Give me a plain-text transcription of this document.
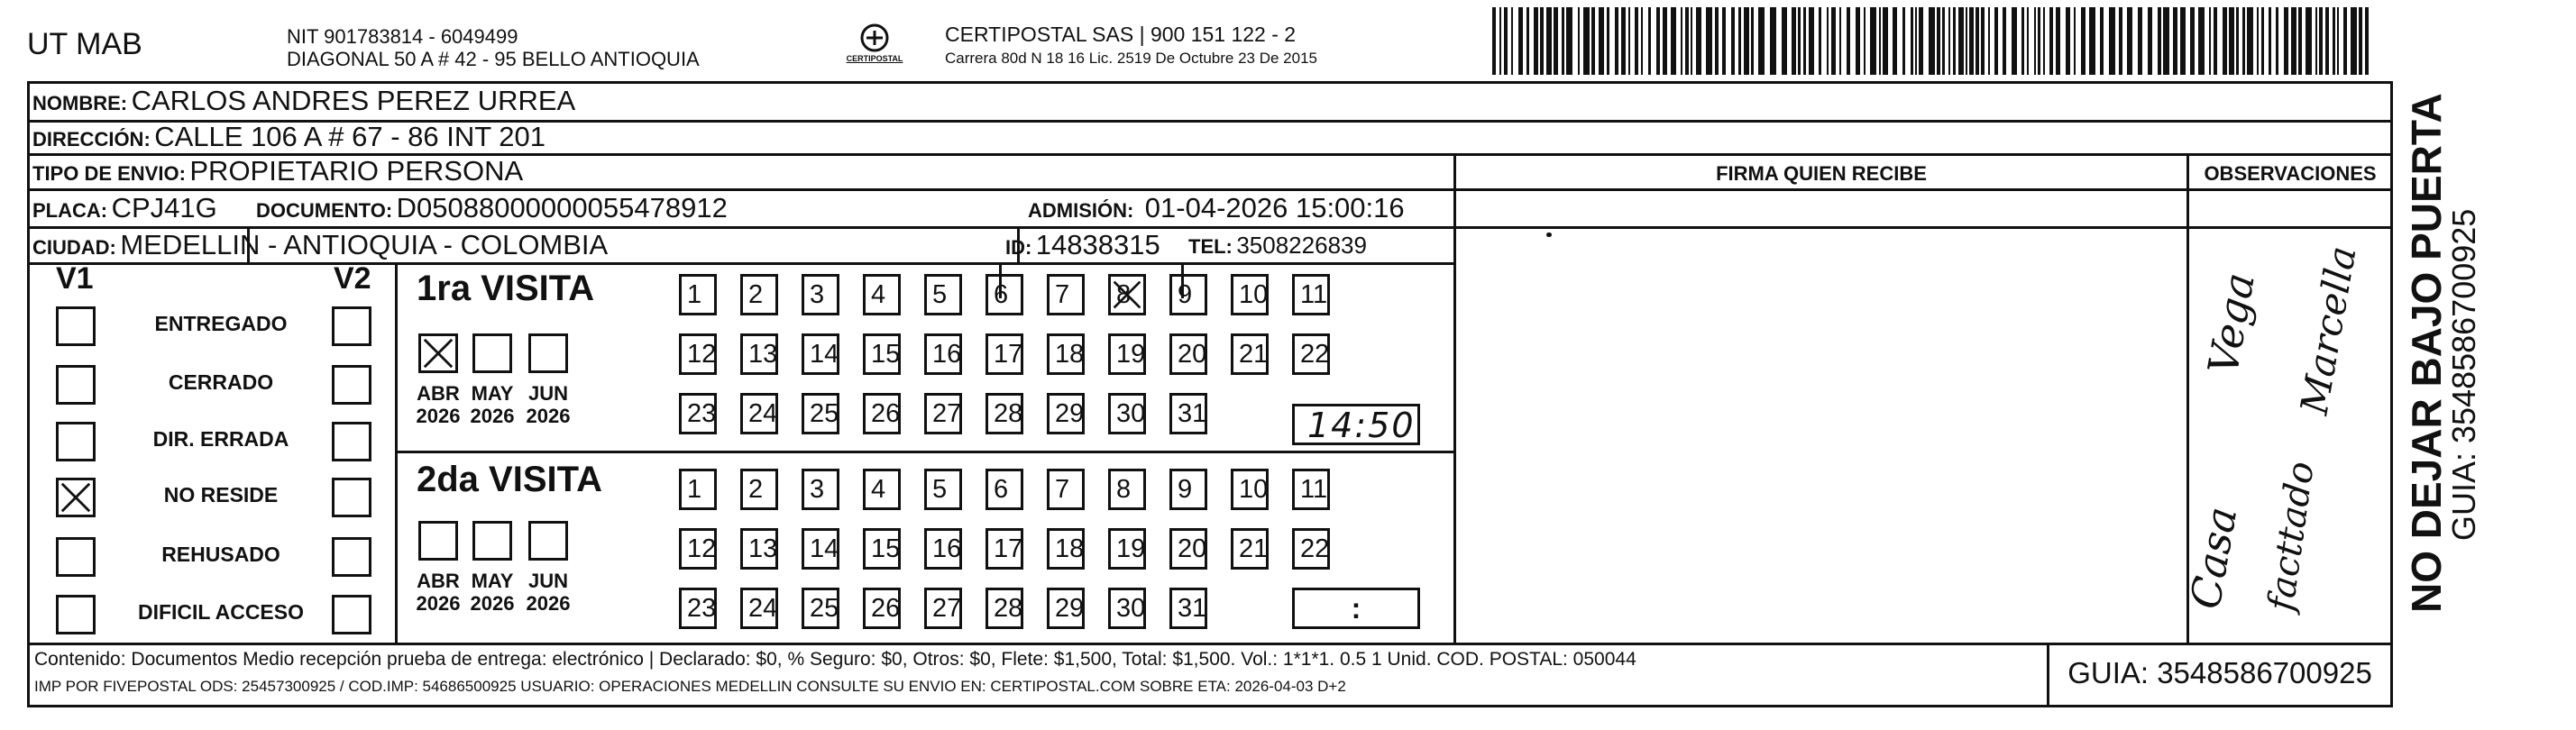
UT MAB	NIT 901783814 - 6049499
DIAGONAL 50 A # 42 - 95 BELLO ANTIOQUIA	CERTIPOSTAL
CERTIPOSTAL SAS | 900 151 122 - 2
Carrera 80d N 18 16 Lic. 2519 De Octubre 23 De 2015
NOMBRE: CARLOS ANDRES PEREZ URREA
DIRECCIÓN: CALLE 106 A # 67 - 86 INT 201
TIPO DE ENVIO: PROPIETARIO PERSONA
PLACA: CPJ41G DOCUMENTO: D05088000000055478912	ADMISIÓN: 01-04-2026 15:00:16
CIUDAD: MEDELLIN - ANTIOQUIA - COLOMBIA	ID: 14838315 TEL: 3508226839
FIRMA QUIEN RECIBE	OBSERVACIONES
V1	V2
ENTREGADO
CERRADO
DIR. ERRADA
NO RESIDE
REHUSADO
DIFICIL ACCESO
1ra VISITA
ABR
2026
MAY
2026
JUN
2026
1	2	3	4	5	6	7	8	9	10	11
12	13	14	15	16	17	18	19	20	21	22
23	24	25	26	27	28	29	30	31	14:50
2da VISITA
ABR
2026
MAY
2026
JUN
2026
1	2	3	4	5	6	7	8	9	10	11
12	13	14	15	16	17	18	19	20	21	22
23	24	25	26	27	28	29	30	31	:	Casa
Vega
facttado
Marcella
Contenido: Documentos Medio recepción prueba de entrega: electrónico | Declarado: $0, % Seguro: $0, Otros: $0, Flete: $1,500, Total: $1,500. Vol.: 1*1*1. 0.5 1 Unid. COD. POSTAL: 050044
IMP POR FIVEPOSTAL ODS: 25457300925 / COD.IMP: 54686500925 USUARIO: OPERACIONES MEDELLIN CONSULTE SU ENVIO EN: CERTIPOSTAL.COM SOBRE ETA: 2026-04-03 D+2	GUIA: 3548586700925
NO DEJAR BAJO PUERTA
GUIA: 3548586700925
